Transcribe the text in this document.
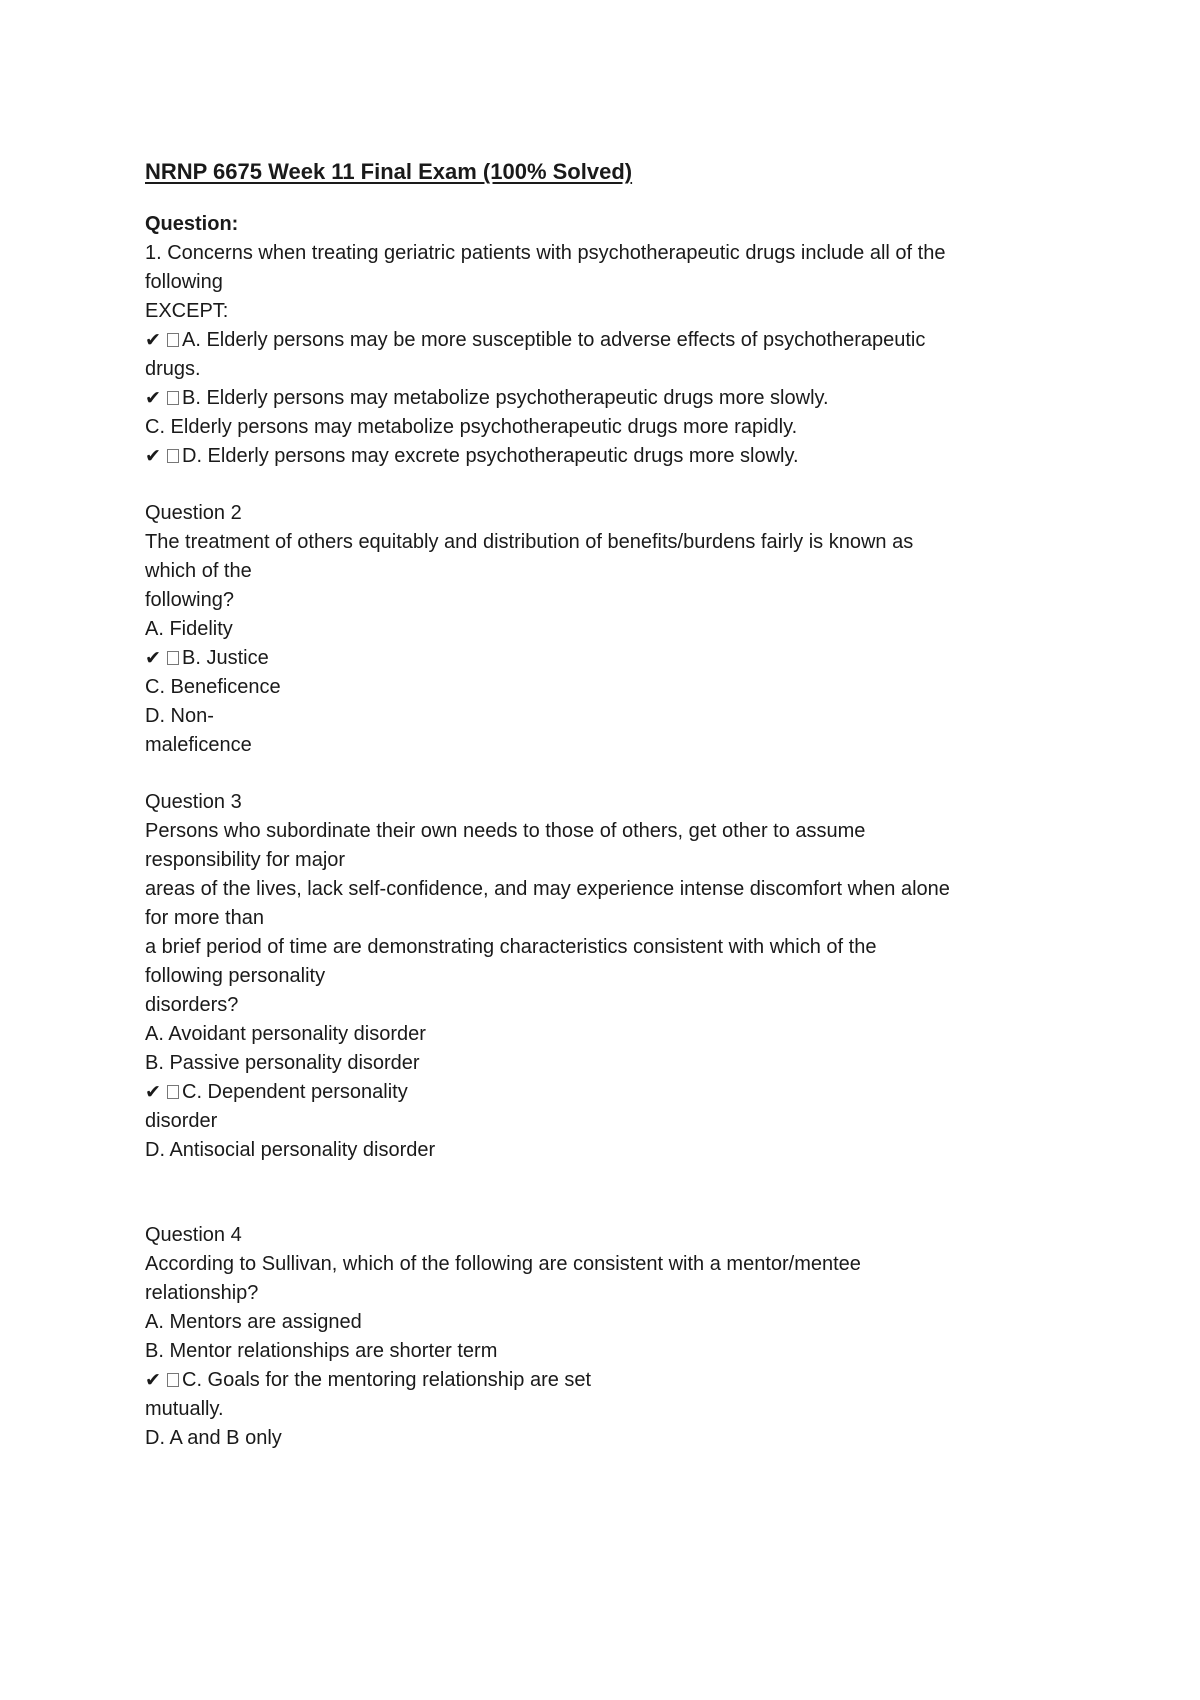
NRNP 6675 Week 11 Final Exam (100% Solved)
Question:
1. Concerns when treating geriatric patients with psychotherapeutic drugs include all of the
following
EXCEPT:
✔ A. Elderly persons may be more susceptible to adverse effects of psychotherapeutic
drugs.
✔ B. Elderly persons may metabolize psychotherapeutic drugs more slowly.
C. Elderly persons may metabolize psychotherapeutic drugs more rapidly.
✔ D. Elderly persons may excrete psychotherapeutic drugs more slowly.
Question 2
The treatment of others equitably and distribution of benefits/burdens fairly is known as
which of the
following?
A. Fidelity
✔ B. Justice
C. Beneficence
D. Non-
maleficence
Question 3
Persons who subordinate their own needs to those of others, get other to assume
responsibility for major
areas of the lives, lack self-confidence, and may experience intense discomfort when alone
for more than
a brief period of time are demonstrating characteristics consistent with which of the
following personality
disorders?
A. Avoidant personality disorder
B. Passive personality disorder
✔ C. Dependent personality
disorder
D. Antisocial personality disorder
Question 4
According to Sullivan, which of the following are consistent with a mentor/mentee
relationship?
A. Mentors are assigned
B. Mentor relationships are shorter term
✔ C. Goals for the mentoring relationship are set
mutually.
D. A and B only
